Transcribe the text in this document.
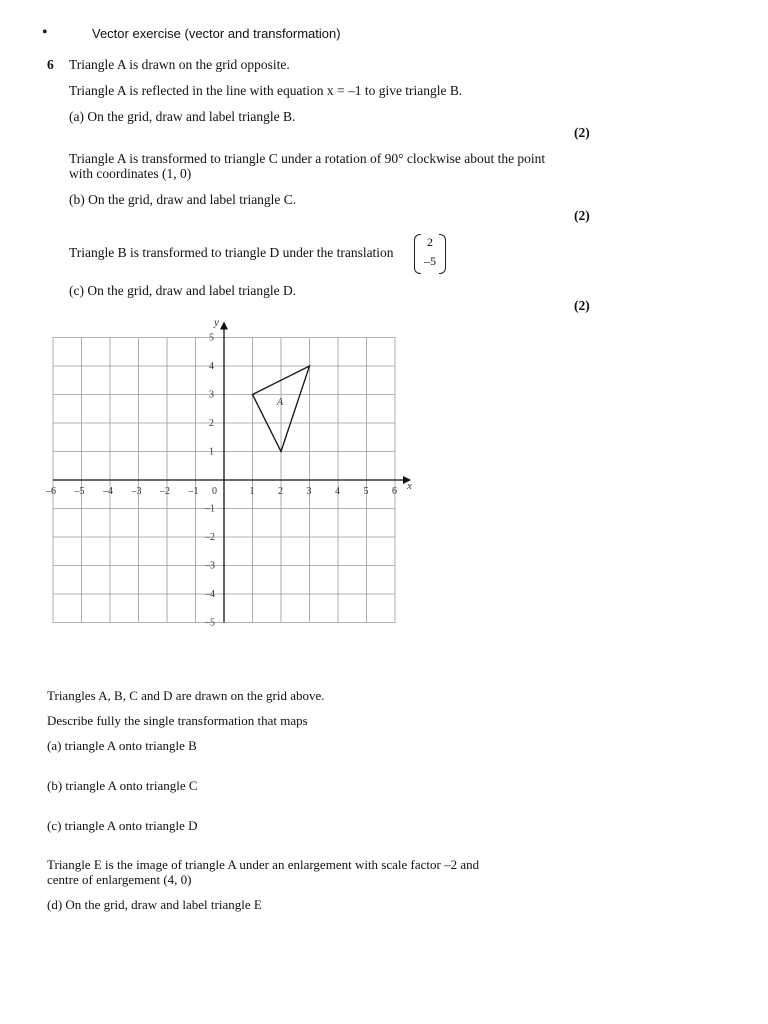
•	Vector exercise (vector and transformation)
6 Triangle A is drawn on the grid opposite.
Triangle A is reflected in the line with equation x = –1 to give triangle B.
(a) On the grid, draw and label triangle B.
(2)
Triangle A is transformed to triangle C under a rotation of 90° clockwise about the point
with coordinates (1, 0)
(b) On the grid, draw and label triangle C.
(2)
Triangle B is transformed to triangle D under the translation
2
–5
(c) On the grid, draw and label triangle D.
(2)
x
y
–6 –5 –4 –3 –2 –1 0	1 2 3 4 5 6
5
4
3
2
1
–1
–2
–3
–4
–5
A
Triangles A, B, C and D are drawn on the grid above.
Describe fully the single transformation that maps
(a) triangle A onto triangle B
(b) triangle A onto triangle C
(c) triangle A onto triangle D
Triangle E is the image of triangle A under an enlargement with scale factor –2 and
centre of enlargement (4, 0)
(d) On the grid, draw and label triangle E
